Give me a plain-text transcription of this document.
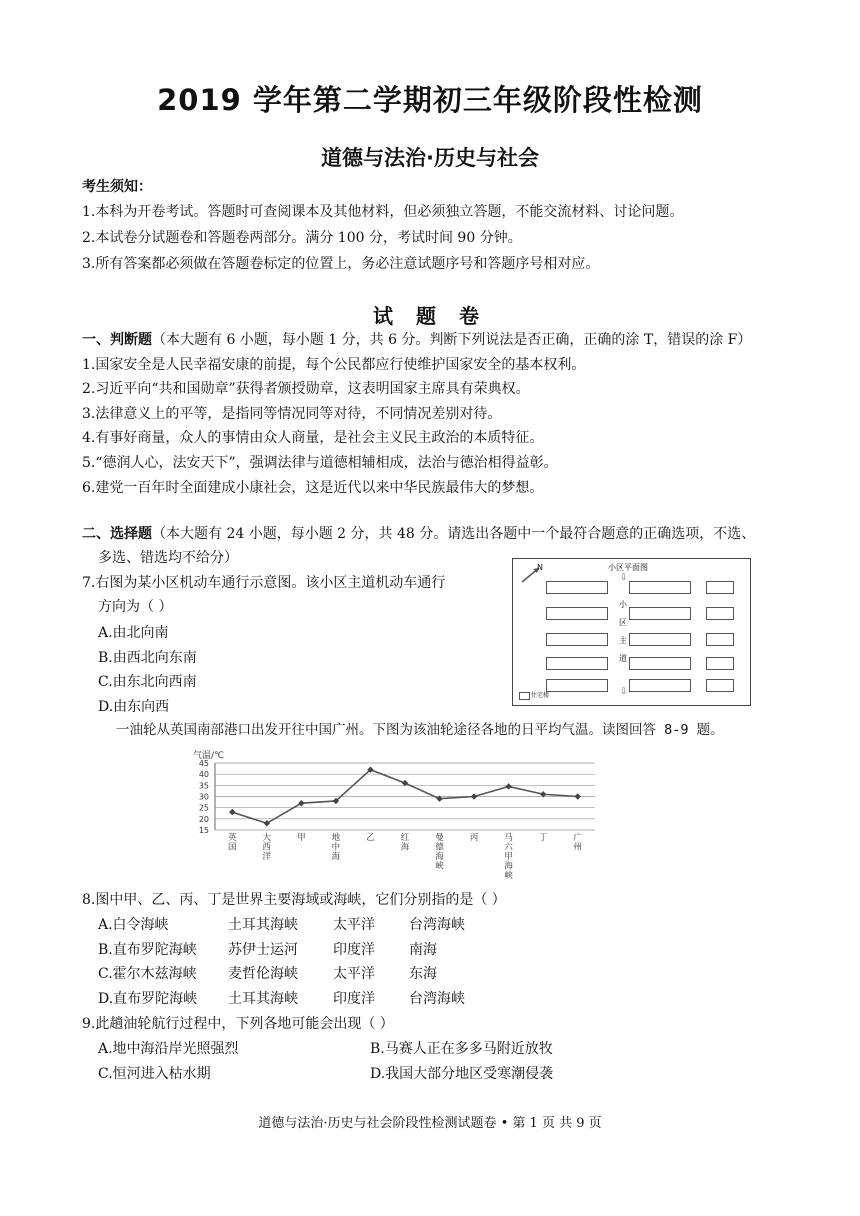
2019 学年第二学期初三年级阶段性检测
道德与法治·历史与社会
考生须知：
1.本科为开卷考试。答题时可查阅课本及其他材料，但必须独立答题，不能交流材料、讨论问题。
2.本试卷分试题卷和答题卷两部分。满分 100 分，考试时间 90 分钟。
3.所有答案都必须做在答题卷标定的位置上，务必注意试题序号和答题序号相对应。
试 题 卷
一、判断题（本大题有 6 小题，每小题 1 分，共 6 分。判断下列说法是否正确，正确的涂 T，错误的涂 F）
1.国家安全是人民幸福安康的前提，每个公民都应行使维护国家安全的基本权利。
2.习近平向“共和国勋章”获得者颁授勋章，这表明国家主席具有荣典权。
3.法律意义上的平等，是指同等情况同等对待，不同情况差别对待。
4.有事好商量，众人的事情由众人商量，是社会主义民主政治的本质特征。
5.“德润人心，法安天下”，强调法律与道德相辅相成，法治与德治相得益彰。
6.建党一百年时全面建成小康社会，这是近代以来中华民族最伟大的梦想。
二、选择题（本大题有 24 小题，每小题 2 分，共 48 分。请选出各题中一个最符合题意的正确选项，不选、
多选、错选均不给分）
7.右图为某小区机动车通行示意图。该小区主道机动车通行
方向为（ ）
A.由北向南
B.由西北向东南
C.由东北向西南
D.由东向西
N	小区平面图
⇩
小
区
主
道
⇩
住宅楼
一油轮从英国南部港口出发开往中国广州。下图为该油轮途径各地的日平均气温。读图回答 8-9 题。
45
40
35
30
25
20
15
气温/℃
英国
大西洋
甲	地中海
乙	红海
曼德海峡
丙	马六甲海峡
丁	广州
8.图中甲、乙、丙、丁是世界主要海域或海峡，它们分别指的是（ ）
A.白令海峡	土耳其海峡	太平洋 台湾海峡
B.直布罗陀海峡 苏伊士运河	印度洋 南海
C.霍尔木兹海峡 麦哲伦海峡	太平洋 东海
D.直布罗陀海峡 土耳其海峡	印度洋 台湾海峡
9.此趟油轮航行过程中，下列各地可能会出现（ ）
A.地中海沿岸光照强烈	B.马赛人正在多多马附近放牧
C.恒河进入枯水期	D.我国大部分地区受寒潮侵袭
道德与法治·历史与社会阶段性检测试题卷 • 第 1 页 共 9 页
